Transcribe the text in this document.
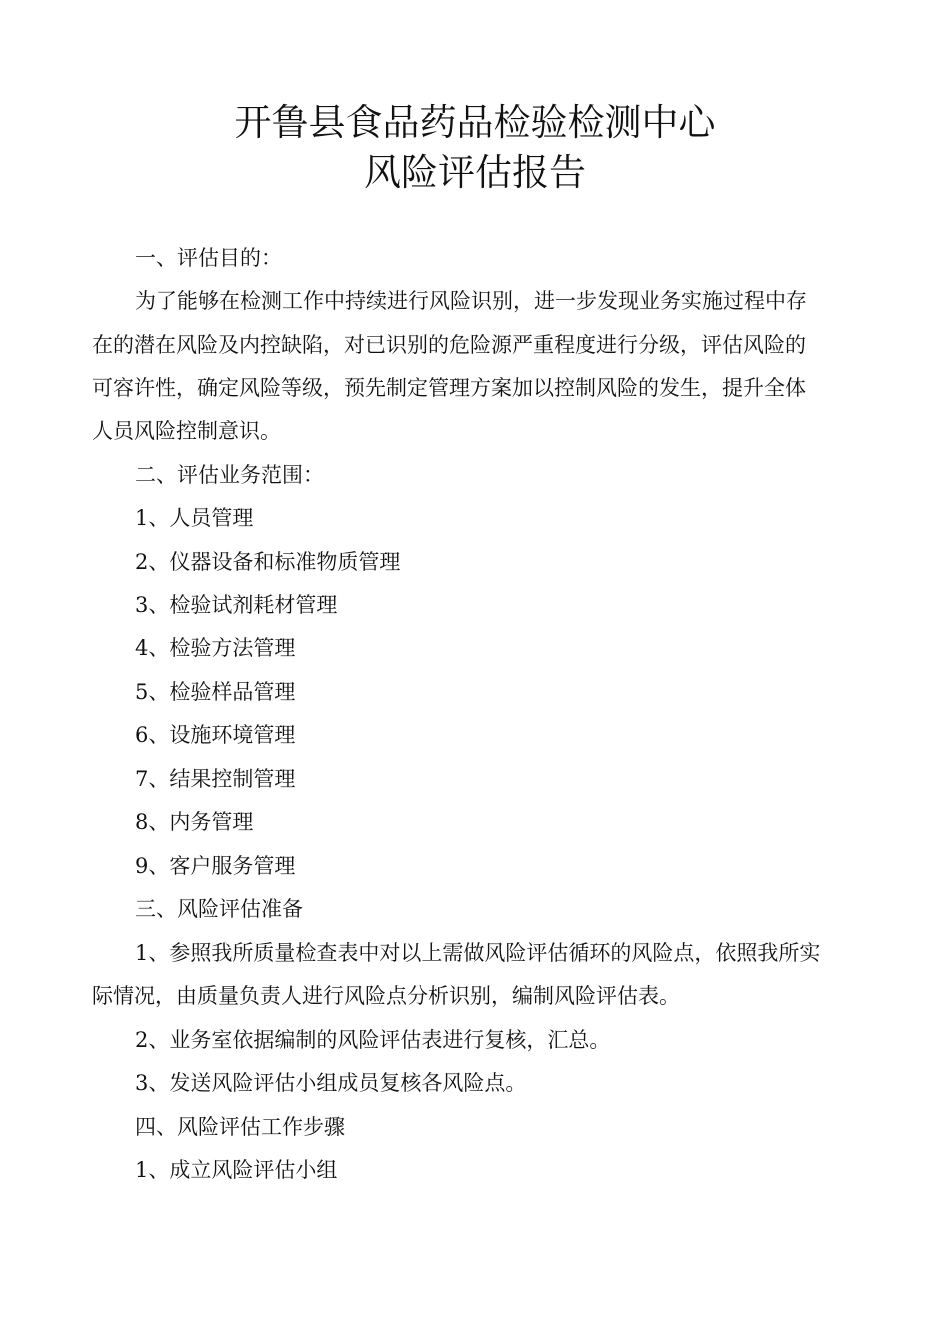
开鲁县食品药品检验检测中心
风险评估报告
一、评估目的：
为了能够在检测工作中持续进行风险识别，进一步发现业务实施过程中存
在的潜在风险及内控缺陷，对已识别的危险源严重程度进行分级，评估风险的
可容许性，确定风险等级，预先制定管理方案加以控制风险的发生，提升全体
人员风险控制意识。
二、评估业务范围：
1、人员管理
2、仪器设备和标准物质管理
3、检验试剂耗材管理
4、检验方法管理
5、检验样品管理
6、设施环境管理
7、结果控制管理
8、内务管理
9、客户服务管理
三、风险评估准备
1、参照我所质量检查表中对以上需做风险评估循环的风险点，依照我所实
际情况，由质量负责人进行风险点分析识别，编制风险评估表。
2、业务室依据编制的风险评估表进行复核，汇总。
3、发送风险评估小组成员复核各风险点。
四、风险评估工作步骤
1、成立风险评估小组
